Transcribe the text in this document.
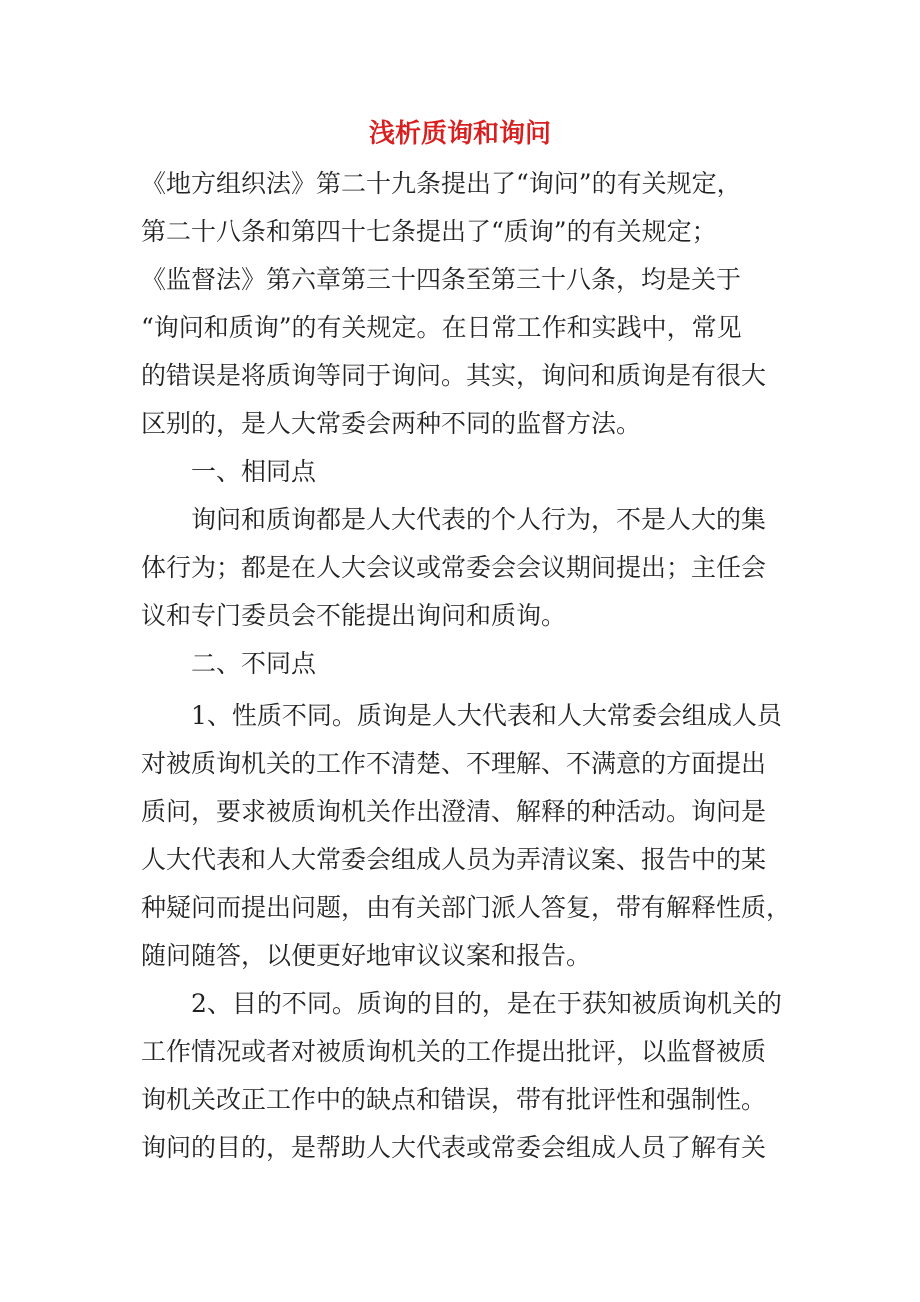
浅析质询和询问
《地方组织法》第二十九条提出了“询问”的有关规定，
第二十八条和第四十七条提出了“质询”的有关规定；
《监督法》第六章第三十四条至第三十八条，均是关于
“询问和质询”的有关规定。在日常工作和实践中，常见
的错误是将质询等同于询问。其实，询问和质询是有很大
区别的，是人大常委会两种不同的监督方法。
一、相同点
询问和质询都是人大代表的个人行为，不是人大的集
体行为；都是在人大会议或常委会会议期间提出；主任会
议和专门委员会不能提出询问和质询。
二、不同点
1、性质不同。质询是人大代表和人大常委会组成人员
对被质询机关的工作不清楚、不理解、不满意的方面提出
质问，要求被质询机关作出澄清、解释的种活动。询问是
人大代表和人大常委会组成人员为弄清议案、报告中的某
种疑问而提出问题，由有关部门派人答复，带有解释性质，
随问随答，以便更好地审议议案和报告。
2、目的不同。质询的目的，是在于获知被质询机关的
工作情况或者对被质询机关的工作提出批评，以监督被质
询机关改正工作中的缺点和错误，带有批评性和强制性。
询问的目的，是帮助人大代表或常委会组成人员了解有关
